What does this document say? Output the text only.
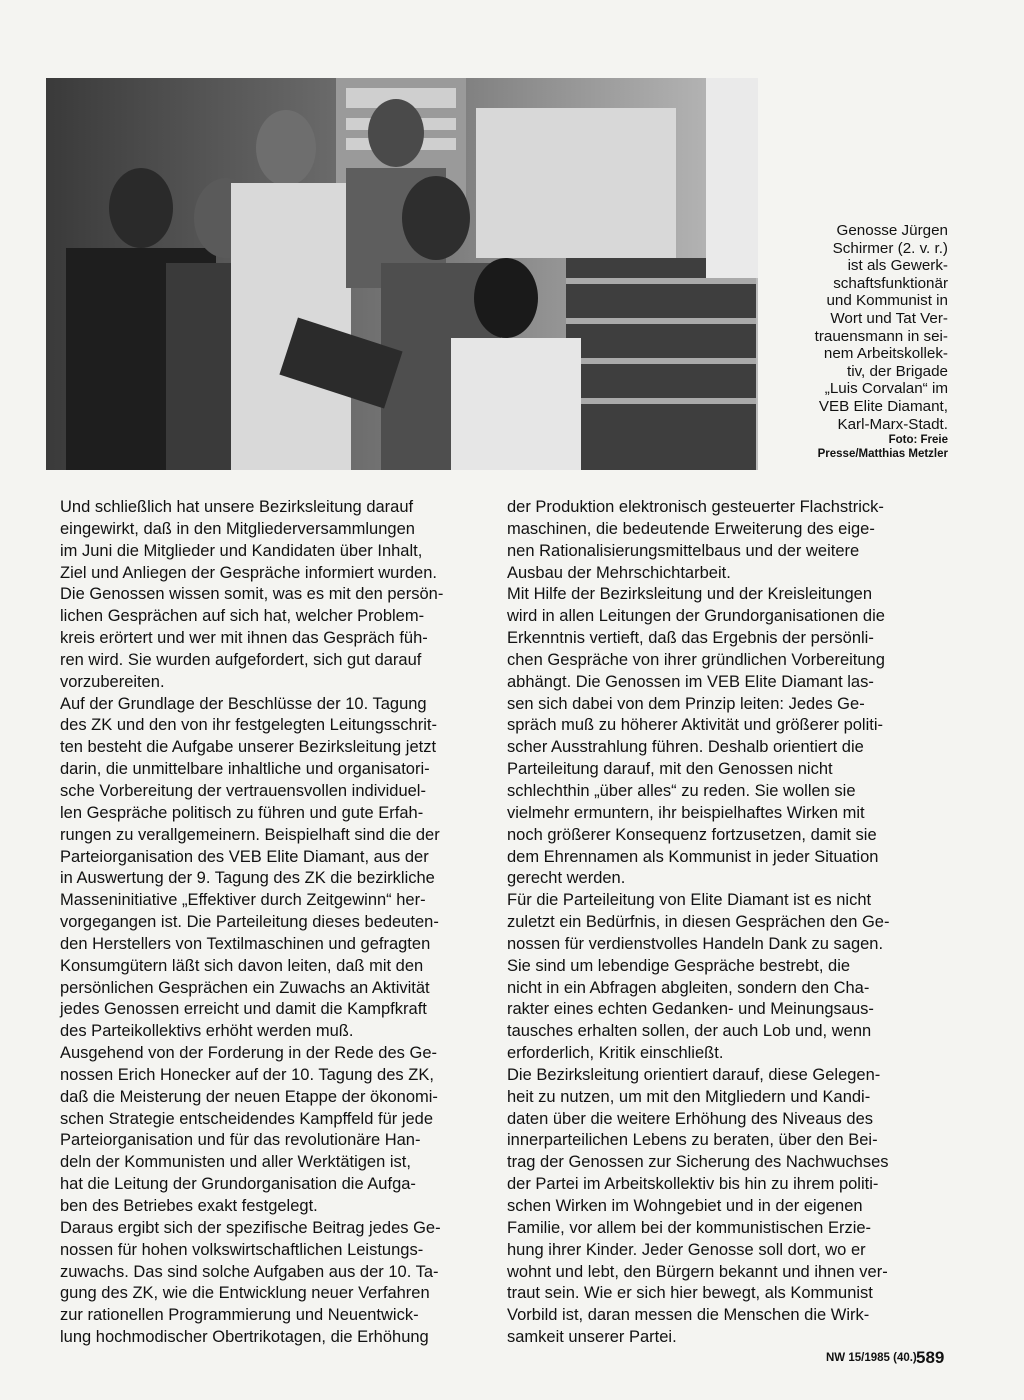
Genosse Jürgen
Schirmer (2. v. r.)
ist als Gewerk-
schaftsfunktionär
und Kommunist in
Wort und Tat Ver-
trauensmann in sei-
nem Arbeitskollek-
tiv, der Brigade
„Luis Corvalan“ im
VEB Elite Diamant,
Karl-Marx-Stadt.
Foto: Freie
Presse/Matthias Metzler

Und schließlich hat unsere Bezirksleitung darauf
eingewirkt, daß in den Mitgliederversammlungen
im Juni die Mitglieder und Kandidaten über Inhalt,
Ziel und Anliegen der Gespräche informiert wurden.
Die Genossen wissen somit, was es mit den persön-
lichen Gesprächen auf sich hat, welcher Problem-
kreis erörtert und wer mit ihnen das Gespräch füh-
ren wird. Sie wurden aufgefordert, sich gut darauf
vorzubereiten.

Auf der Grundlage der Beschlüsse der 10. Tagung
des ZK und den von ihr festgelegten Leitungsschrit-
ten besteht die Aufgabe unserer Bezirksleitung jetzt
darin, die unmittelbare inhaltliche und organisatori-
sche Vorbereitung der vertrauensvollen individuel-
len Gespräche politisch zu führen und gute Erfah-
rungen zu verallgemeinern. Beispielhaft sind die der
Parteiorganisation des VEB Elite Diamant, aus der
in Auswertung der 9. Tagung des ZK die bezirkliche
Masseninitiative „Effektiver durch Zeitgewinn“ her-
vorgegangen ist. Die Parteileitung dieses bedeuten-
den Herstellers von Textilmaschinen und gefragten
Konsumgütern läßt sich davon leiten, daß mit den
persönlichen Gesprächen ein Zuwachs an Aktivität
jedes Genossen erreicht und damit die Kampfkraft
des Parteikollektivs erhöht werden muß.

Ausgehend von der Forderung in der Rede des Ge-
nossen Erich Honecker auf der 10. Tagung des ZK,
daß die Meisterung der neuen Etappe der ökonomi-
schen Strategie entscheidendes Kampffeld für jede
Parteiorganisation und für das revolutionäre Han-
deln der Kommunisten und aller Werktätigen ist,
hat die Leitung der Grundorganisation die Aufga-
ben des Betriebes exakt festgelegt.

Daraus ergibt sich der spezifische Beitrag jedes Ge-
nossen für hohen volkswirtschaftlichen Leistungs-
zuwachs. Das sind solche Aufgaben aus der 10. Ta-
gung des ZK, wie die Entwicklung neuer Verfahren
zur rationellen Programmierung und Neuentwick-
lung hochmodischer Obertrikotagen, die Erhöhung

der Produktion elektronisch gesteuerter Flachstrick-
maschinen, die bedeutende Erweiterung des eige-
nen Rationalisierungsmittelbaus und der weitere
Ausbau der Mehrschichtarbeit.

Mit Hilfe der Bezirksleitung und der Kreisleitungen
wird in allen Leitungen der Grundorganisationen die
Erkenntnis vertieft, daß das Ergebnis der persönli-
chen Gespräche von ihrer gründlichen Vorbereitung
abhängt. Die Genossen im VEB Elite Diamant las-
sen sich dabei von dem Prinzip leiten: Jedes Ge-
spräch muß zu höherer Aktivität und größerer politi-
scher Ausstrahlung führen. Deshalb orientiert die
Parteileitung darauf, mit den Genossen nicht
schlechthin „über alles“ zu reden. Sie wollen sie
vielmehr ermuntern, ihr beispielhaftes Wirken mit
noch größerer Konsequenz fortzusetzen, damit sie
dem Ehrennamen als Kommunist in jeder Situation
gerecht werden.

Für die Parteileitung von Elite Diamant ist es nicht
zuletzt ein Bedürfnis, in diesen Gesprächen den Ge-
nossen für verdienstvolles Handeln Dank zu sagen.
Sie sind um lebendige Gespräche bestrebt, die
nicht in ein Abfragen abgleiten, sondern den Cha-
rakter eines echten Gedanken- und Meinungsaus-
tausches erhalten sollen, der auch Lob und, wenn
erforderlich, Kritik einschließt.

Die Bezirksleitung orientiert darauf, diese Gelegen-
heit zu nutzen, um mit den Mitgliedern und Kandi-
daten über die weitere Erhöhung des Niveaus des
innerparteilichen Lebens zu beraten, über den Bei-
trag der Genossen zur Sicherung des Nachwuchses
der Partei im Arbeitskollektiv bis hin zu ihrem politi-
schen Wirken im Wohngebiet und in der eigenen
Familie, vor allem bei der kommunistischen Erzie-
hung ihrer Kinder. Jeder Genosse soll dort, wo er
wohnt und lebt, den Bürgern bekannt und ihnen ver-
traut sein. Wie er sich hier bewegt, als Kommunist
Vorbild ist, daran messen die Menschen die Wirk-
samkeit unserer Partei.

NW 15/1985 (40.) 589
